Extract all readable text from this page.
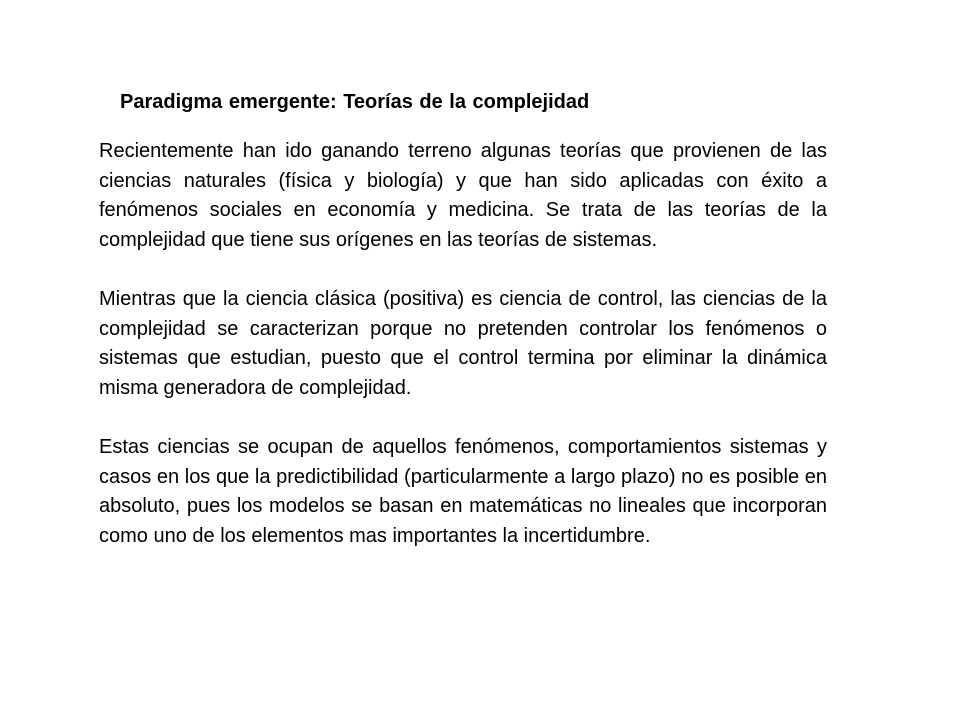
Paradigma emergente: Teorías de la complejidad

Recientemente han ido ganando terreno algunas teorías que provienen de las ciencias naturales (física y biología) y que han sido aplicadas con éxito a fenómenos sociales en economía y medicina. Se trata de las teorías de la complejidad que tiene sus orígenes en las teorías de sistemas.

Mientras que la ciencia clásica (positiva) es ciencia de control, las ciencias de la complejidad se caracterizan porque no pretenden controlar los fenómenos o sistemas que estudian, puesto que el control termina por eliminar la dinámica misma generadora de complejidad.

Estas ciencias se ocupan de aquellos fenómenos, comportamientos sistemas y casos en los que la predictibilidad (particularmente a largo plazo) no es posible en absoluto, pues los modelos se basan en matemáticas no lineales que incorporan como uno de los elementos mas importantes la incertidumbre.
